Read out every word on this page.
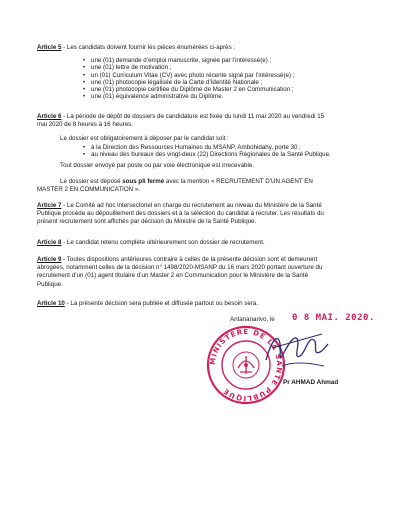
Article 5 - Les candidats doivent fournir les pièces énumérées ci-après :
• une (01) demande d’emploi manuscrite, signée par l’intéressé(e) ;
• une (01) lettre de motivation ;
• un (01) Curriculum Vitae (CV) avec photo récente signé par l’intéressé(e) ;
• une (01) photocopie légalisée de la Carte d’Identité Nationale ;
• une (01) photocopie certifiée du Diplôme de Master 2 en Communication ;
• une (01) équivalence administrative du Diplôme.
Article 6 - La période de dépôt de dossiers de candidature est fixée du lundi 11 mai 2020 au vendredi 15
mai 2020 de 8 heures à 16 heures.
Le dossier est obligatoirement à déposer par le candidat soit :
• à la Direction des Ressources Humaines du MSANP, Ambohidahy, porte 30 ;
• au niveau des bureaux des vingt-deux (22) Directions Régionales de la Santé Publique.
Tout dossier envoyé par poste ou par voie électronique est irrecevable.
Le dossier est déposé sous pli fermé avec la mention « RECRUTEMENT D’UN AGENT EN
MASTER 2 EN COMMUNICATION ».
Article 7 - Le Comité ad hoc intersectoriel en charge du recrutement au niveau du Ministère de la Santé
Publique procède au dépouillement des dossiers et à la sélection du candidat à recruter. Les résultats du
présent recrutement sont affichés par décision du Ministre de la Santé Publique.
Article 8 - Le candidat retenu complète ultérieurement son dossier de recrutement.
Article 9 - Toutes dispositions antérieures contraire à celles de la présente décision sont et demeurent
abrogées, notamment celles de la décision n° 1498/2020-MSANP du 16 mars 2020 portant ouverture du
recrutement d’un (01) agent titulaire d’un Master 2 en Communication pour le Ministère de la Santé
Publique.
Article 10 - La présente décision sera publiée et diffusée partout ou besoin sera.
Antananarivo, le 0 8 MAI. 2020.
MINISTERE DE LA SANTE PUBLIQUE
Pr AHMAD Ahmad
